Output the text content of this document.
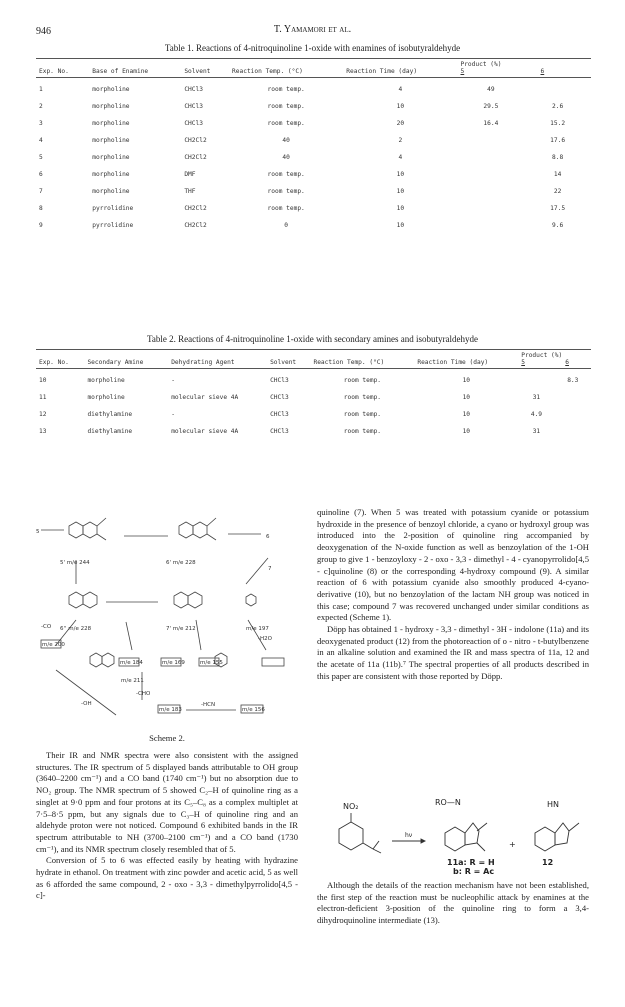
946	T. Yamamori et al.
Table 1. Reactions of 4-nitroquinoline 1-oxide with enamines of isobutyraldehyde
Exp. No.	Base of Enamine	Solvent	Reaction Temp. (°C)	Reaction Time (day)	Product (%)
5 6	
1	morpholine	CHCl3	room temp.	4	49	
2	morpholine	CHCl3	room temp.	10	29.5	2.6
3	morpholine	CHCl3	room temp.	20	16.4	15.2
4	morpholine	CH2Cl2	40	2		17.6
5	morpholine	CH2Cl2	40	4		8.8
6	morpholine	DMF	room temp.	10		14
7	morpholine	THF	room temp.	10		22
8	pyrrolidine	CH2Cl2	room temp.	10		17.5
9	pyrrolidine	CH2Cl2	0	10		9.6
Table 2. Reactions of 4-nitroquinoline 1-oxide with secondary amines and isobutyraldehyde
Exp. No.	Secondary Amine	Dehydrating Agent	Solvent	Reaction Temp. (°C)	Reaction Time (day)	Product (%)
5 6	
10	morpholine	-	CHCl3	room temp.	10		8.3
11	morpholine	molecular sieve 4A	CHCl3	room temp.	10	31	
12	diethylamine	-	CHCl3	room temp.	10	4.9	
13	diethylamine	molecular sieve 4A	CHCl3	room temp.	10	31	
5
6
5' m/e 244	6' m/e 228
7
6'' m/e 228	7' m/e 212	m/e 197
m/e 200
m/e 184	m/e 169	m/e 155
m/e 183	m/e 156
m/e 211
-OH	-HCN
-CO
-H2O
-CHO
Scheme 2.

Their IR and NMR spectra were also consistent with the assigned structures. The IR spectrum of 5 displayed bands attributable to OH group (3640–2200 cm⁻¹) and a CO band (1740 cm⁻¹) but no absorption due to NO₂ group. The NMR spectrum of 5 showed C₂–H of quinoline ring as a singlet at 9·0 ppm and four protons at its C₅–C₈ as a complex multiplet at 7·5–8·5 ppm, but any signals due to C₃–H of quinoline ring and an aldehyde proton were not noticed. Compound 6 exhibited bands in the IR spectrum attributable to NH (3700–2100 cm⁻¹) and a CO band (1730 cm⁻¹), and its NMR spectrum closely resembled that of 5.

Conversion of 5 to 6 was effected easily by heating with hydrazine hydrate in ethanol. On treatment with zinc powder and acetic acid, 5 as well as 6 afforded the same compound, 2 - oxo - 3,3 - dimethylpyrrolido[4,5 - c]-

quinoline (7). When 5 was treated with potassium cyanide or potassium hydroxide in the presence of benzoyl chloride, a cyano or hydroxyl group was introduced into the 2-position of quinoline ring accompanied by deoxygenation of the N-oxide function as well as benzoylation of the 1-OH group to give 1 - benzoyloxy - 2 - oxo - 3,3 - dimethyl - 4 - cyanopyrrolido[4,5 - c]quinoline (8) or the corresponding 4-hydroxy compound (9). A similar reaction of 6 with potassium cyanide also smoothly produced 4-cyano-derivative (10), but no benzoylation of the lactam NH group was noticed in this case; compound 7 was recovered unchanged under similar conditions as expected (Scheme 1).

Döpp has obtained 1 - hydroxy - 3,3 - dimethyl - 3H - indolone (11a) and its deoxygenated product (12) from the photoreaction of o - nitro - t-butylbenzene in an alkaline solution and examined the IR and mass spectra of 11a, 12 and the acetate of 11a (11b).⁷ The spectral properties of all products described in this paper are consistent with those reported by Döpp.

NO₂	RO—N	HN
hν
+
11a: R = H
b: R = Ac
12

Although the details of the reaction mechanism have not been established, the first step of the reaction must be nucleophilic attack by enamines at the electron-deficient 3-position of the quinoline ring to form a 3,4-dihydroquinoline intermediate (13).
